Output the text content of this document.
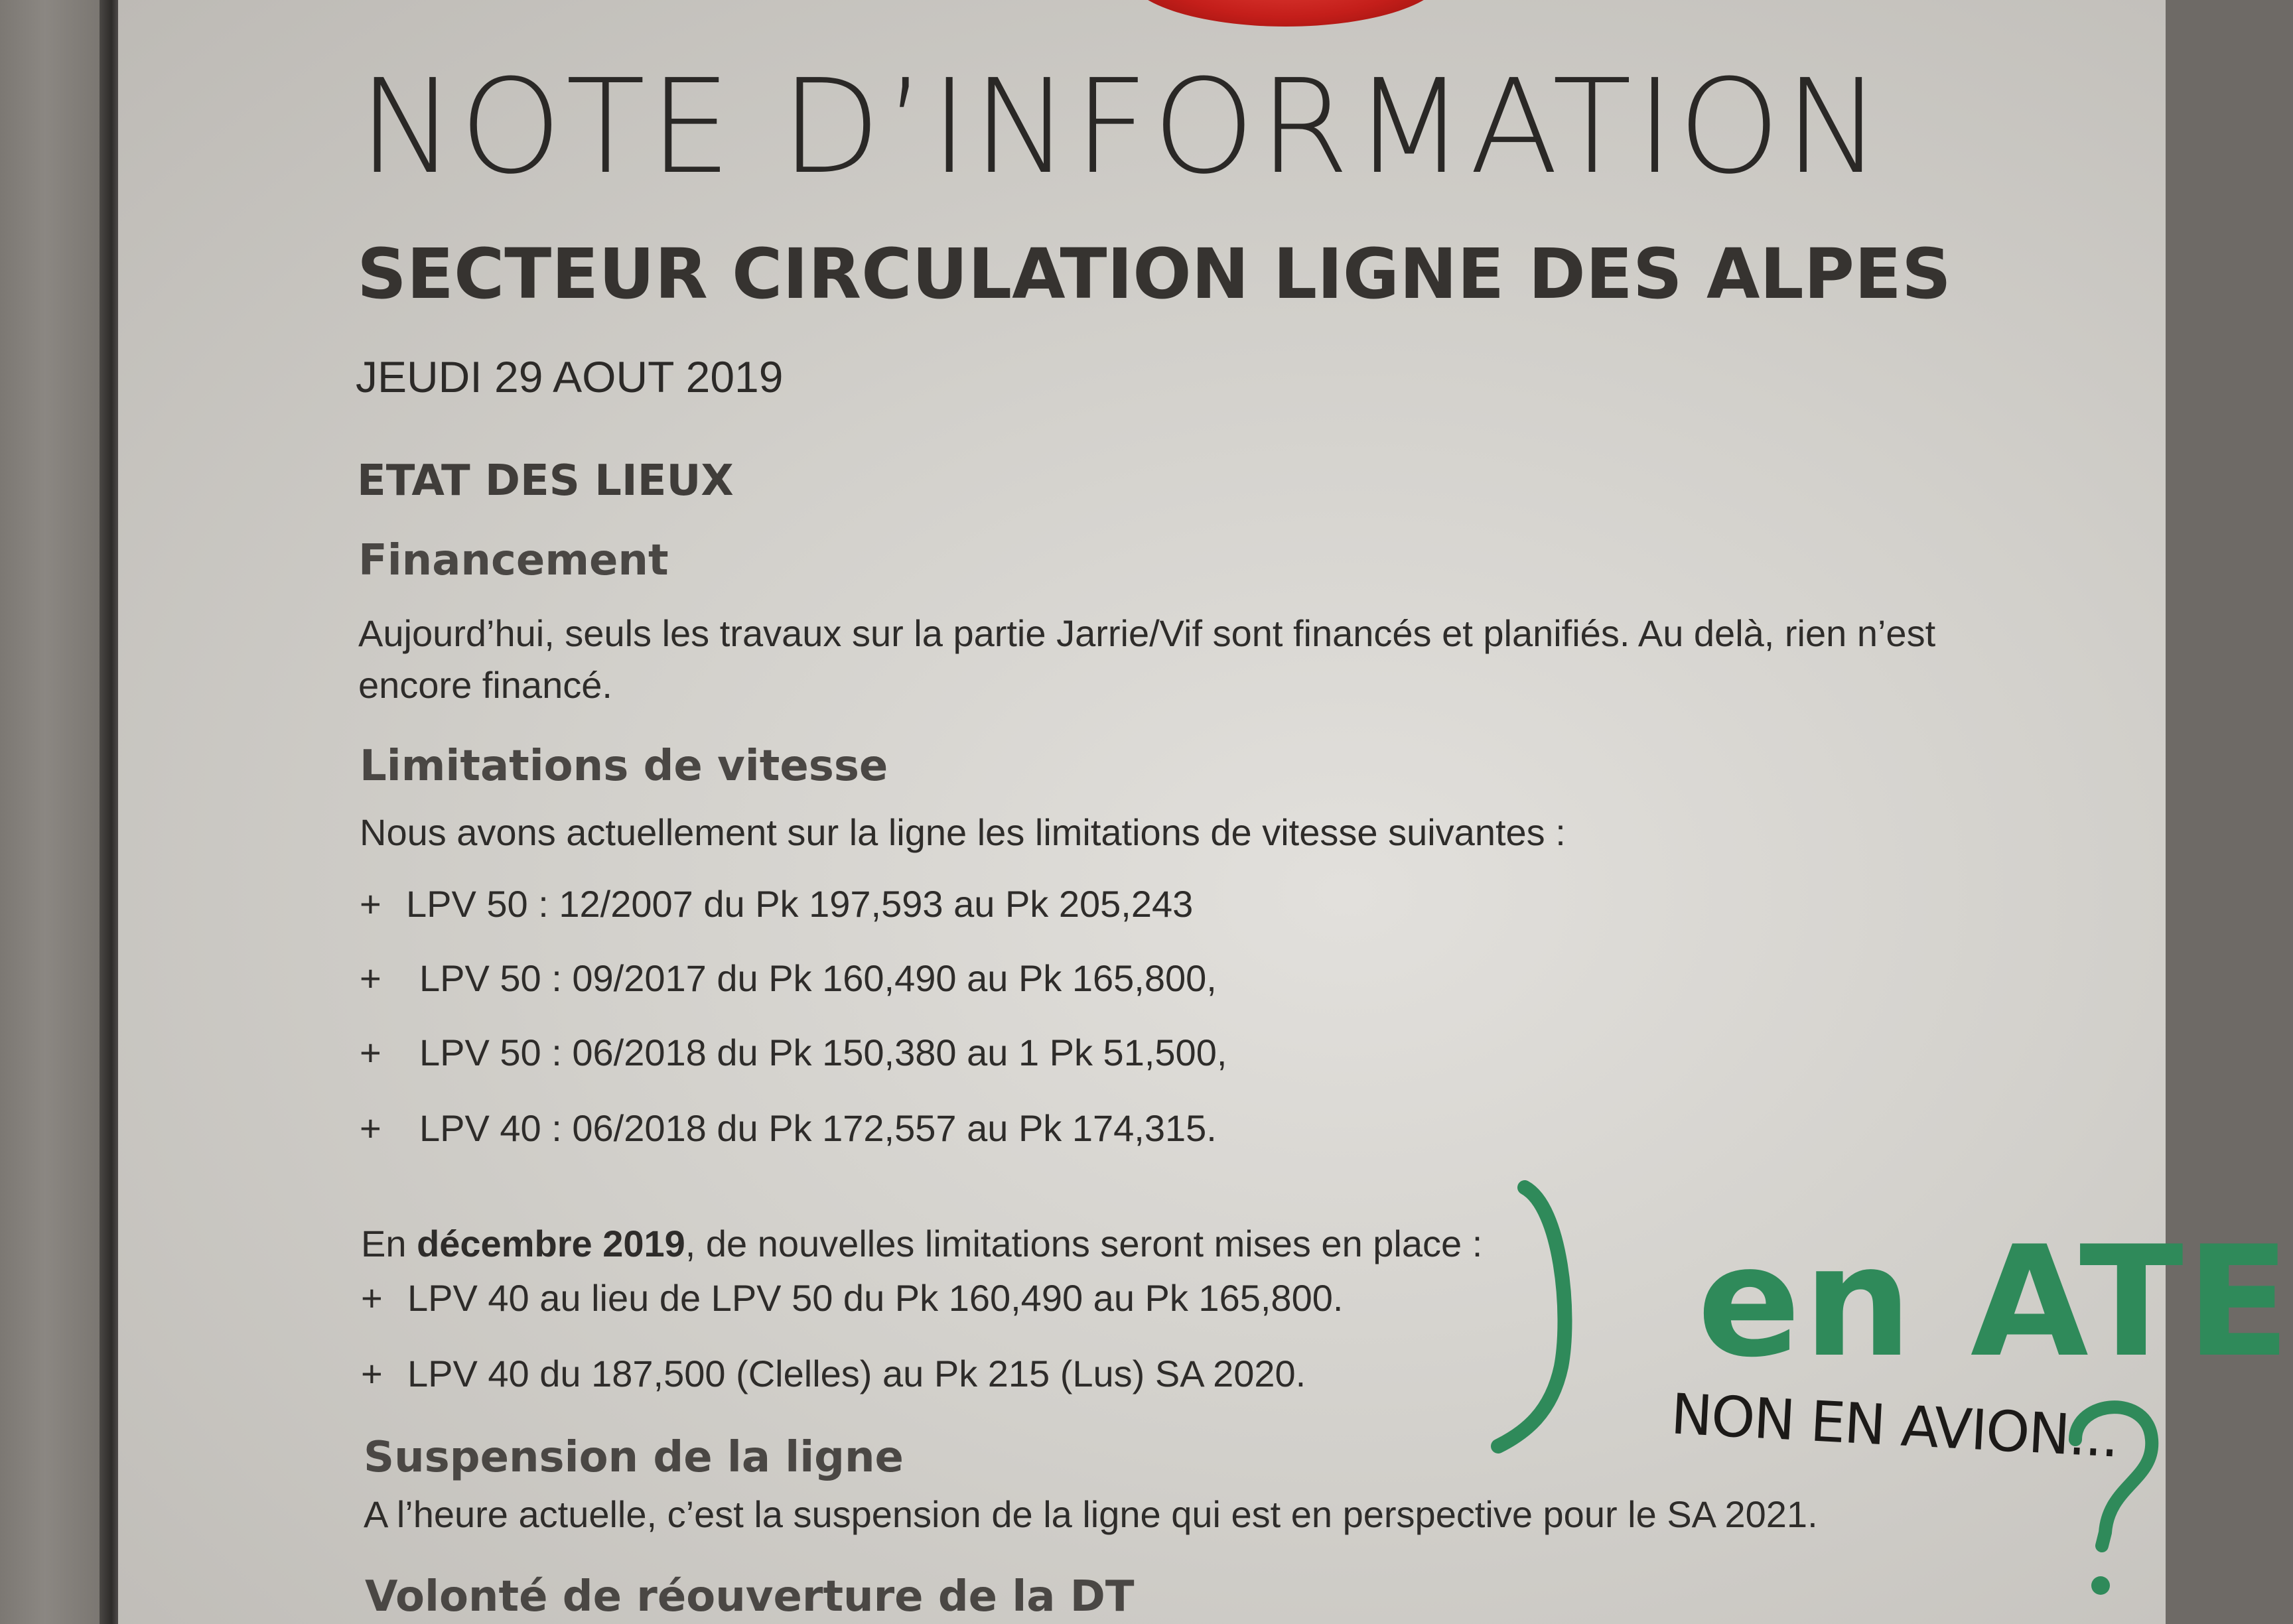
NOTE D’INFORMATION
SECTEUR CIRCULATION LIGNE DES ALPES
JEUDI 29 AOUT 2019
ETAT DES LIEUX
Financement
Aujourd’hui, seuls les travaux sur la partie Jarrie/Vif sont financés et planifiés. Au delà, rien n’est
encore financé.
Limitations de vitesse
Nous avons actuellement sur la ligne les limitations de vitesse suivantes :
+ LPV 50 : 12/2007 du Pk 197,593 au Pk 205,243
+ LPV 50 : 09/2017 du Pk 160,490 au Pk 165,800,
+ LPV 50 : 06/2018 du Pk 150,380 au 1 Pk 51,500,
+ LPV 40 : 06/2018 du Pk 172,557 au Pk 174,315.
En décembre 2019, de nouvelles limitations seront mises en place :
+ LPV 40 au lieu de LPV 50 du Pk 160,490 au Pk 165,800.
+ LPV 40 du 187,500 (Clelles) au Pk 215 (Lus) SA 2020.
Suspension de la ligne
A l’heure actuelle, c’est la suspension de la ligne qui est en perspective pour le SA 2021.
Volonté de réouverture de la DT
en ATE
NON EN AVION...
